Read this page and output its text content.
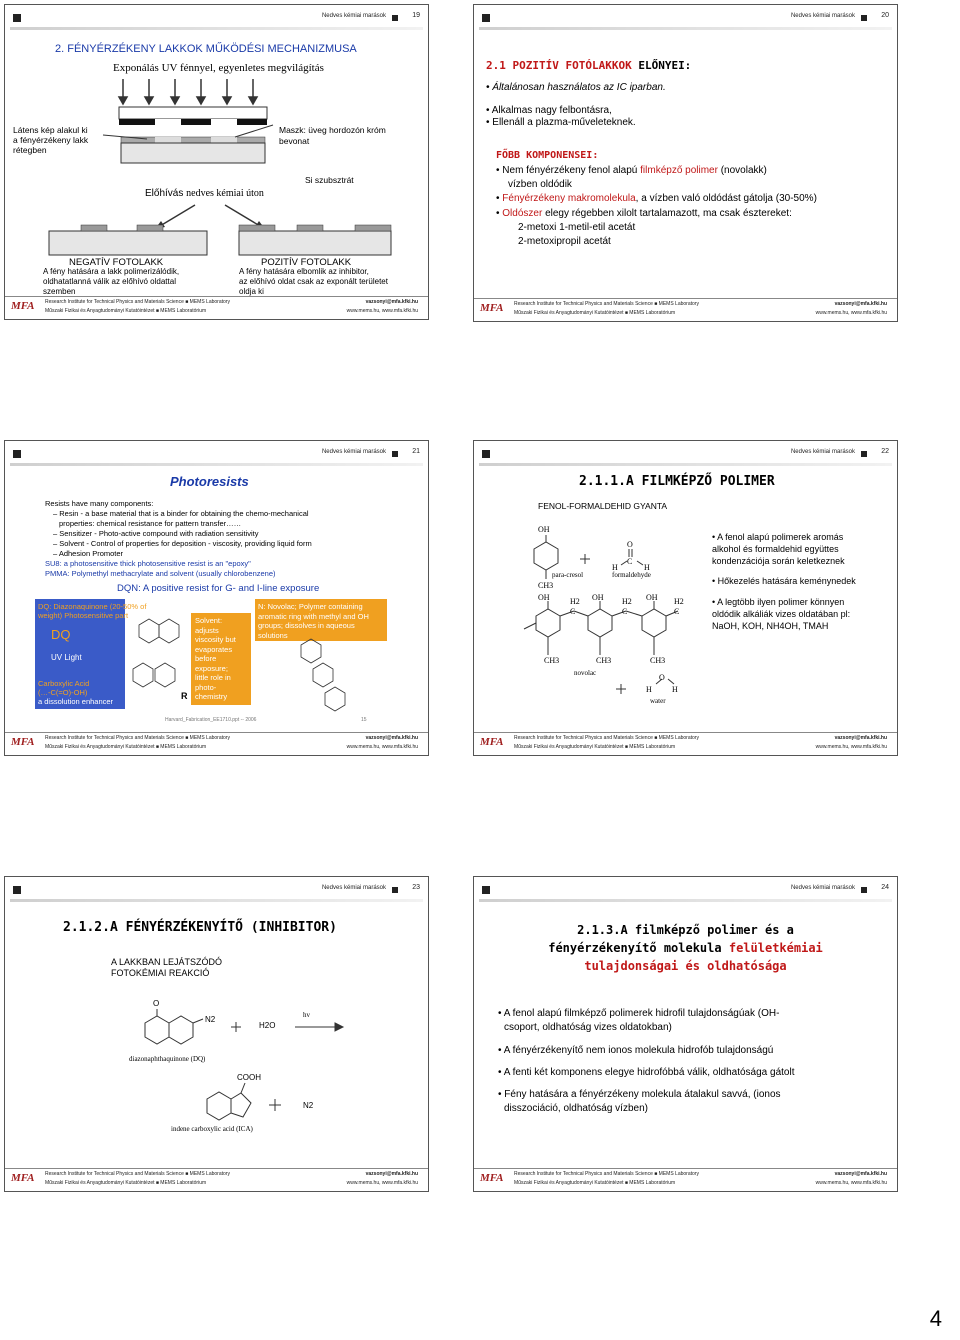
Nedves kémiai marások	19
2. FÉNYÉRZÉKENY LAKKOK MŰKÖDÉSI MECHANIZMUSA
Exponálás UV fénnyel, egyenletes megvilágítás
Látens kép alakul ki
a fényérzékeny lakk
rétegben
Maszk: üveg hordozón króm
bevonat
Si szubsztrát
Előhívás nedves kémiai úton
NEGATÍV FOTOLAKK
A fény hatására a lakk polimerizálódik,
oldhatatlanná válik az előhívó oldattal
szemben
POZITÍV FOTOLAKK
A fény hatására elbomlik az inhibitor,
az előhívó oldat csak az exponált területet
oldja ki
MFA Research Institute for Technical Physics and Materials Science ■ MEMS Laboratory
Műszaki Fizikai és Anyagtudományi Kutatóintézet ■ MEMS Laboratórium
vazsonyi@mfa.kfki.hu
www.mems.hu, www.mfa.kfki.hu
Nedves kémiai marások	20
2.1 POZITÍV FOTÓLAKKOK ELŐNYEI:
• Általánosan használatos az IC iparban.
• Alkalmas nagy felbontásra,
• Ellenáll a plazma-műveleteknek.
FŐBB KOMPONENSEI:
• Nem fényérzékeny fenol alapú filmképző polimer (novolakk)
vízben oldódik
• Fényérzékeny makromolekula, a vízben való oldódást gátolja (30-50%)
• Oldószer elegy régebben xilolt tartalamazott, ma csak észtereket:
2-metoxi 1-metil-etil acetát
2-metoxipropil acetát
MFA Research Institute for Technical Physics and Materials Science ■ MEMS Laboratory
Műszaki Fizikai és Anyagtudományi Kutatóintézet ■ MEMS Laboratórium
vazsonyi@mfa.kfki.hu
www.mems.hu, www.mfa.kfki.hu
Nedves kémiai marások	21
Photoresists
Resists have many components:
– Resin - a base material that is a binder for obtaining the chemo-mechanical
properties: chemical resistance for pattern transfer……
– Sensitizer - Photo-active compound with radiation sensitivity
– Solvent - Control of properties for deposition - viscosity, providing liquid form
– Adhesion Promoter
SU8: a photosensitive thick photosensitive resist is an "epoxy"
PMMA: Polymethyl methacrylate and solvent (usually chlorobenzene)
DQN: A positive resist for G- and I-line exposure
DQ: Diazonaquinone (20-50% of
weight) Photosensitive part
DQ
UV Light
Carboxylic Acid
(…-C(=O)-OH)
a dissolution enhancer
Solvent:
adjusts
viscosity but
evaporates
before
exposure;
little role in
photo-
chemistry
N: Novolac; Polymer containing
aromatic ring with methyl and OH
groups; dissolves in aqueous
solutions
R
Harvard_Fabrication_EE1710.ppt -- 2006	15
MFA Research Institute for Technical Physics and Materials Science ■ MEMS Laboratory
Műszaki Fizikai és Anyagtudományi Kutatóintézet ■ MEMS Laboratórium
vazsonyi@mfa.kfki.hu
www.mems.hu, www.mfa.kfki.hu
Nedves kémiai marások	22
2.1.1.A FILMKÉPZŐ POLIMER
FENOL-FORMALDEHID GYANTA
OH
CH3
para-cresol
O
C
H	H
formaldehyde
OH	OH	OH
H2
C
H2
C
H2
C
CH3	CH3	CH3
novolac	O
H	H
water
• A fenol alapú polimerek aromás
alkohol és formaldehid együttes
kondenzációja során keletkeznek
• Hőkezelés hatására keménynedek
• A legtöbb ilyen polimer könnyen
oldódik alkáliák vizes oldatában pl:
NaOH, KOH, NH4OH, TMAH
MFA Research Institute for Technical Physics and Materials Science ■ MEMS Laboratory
Műszaki Fizikai és Anyagtudományi Kutatóintézet ■ MEMS Laboratórium
vazsonyi@mfa.kfki.hu
www.mems.hu, www.mfa.kfki.hu
Nedves kémiai marások	23
2.1.2.A FÉNYÉRZÉKENYÍTŐ (INHIBITOR)
A LAKKBAN LEJÁTSZÓDÓ
FOTOKÉMIAI REAKCIÓ
O
N2
H2O
hv
diazonaphthaquinone (DQ)
COOH
N2
indene carboxylic acid (ICA)
MFA Research Institute for Technical Physics and Materials Science ■ MEMS Laboratory
Műszaki Fizikai és Anyagtudományi Kutatóintézet ■ MEMS Laboratórium
vazsonyi@mfa.kfki.hu
www.mems.hu, www.mfa.kfki.hu
Nedves kémiai marások	24
2.1.3.A filmképző polimer és a
fényérzékenyítő molekula felületkémiai
tulajdonságai és oldhatósága
• A fenol alapú filmképző polimerek hidrofil tulajdonságúak (OH-
csoport, oldhatóság vizes oldatokban)
• A fényérzékenyítő nem ionos molekula hidrofób tulajdonságú
• A fenti két komponens elegye hidrofóbbá válik, oldhatósága gátolt
• Fény hatására a fényérzékeny molekula átalakul savvá, (ionos
disszociáció, oldhatóság vízben)
MFA Research Institute for Technical Physics and Materials Science ■ MEMS Laboratory
Műszaki Fizikai és Anyagtudományi Kutatóintézet ■ MEMS Laboratórium
vazsonyi@mfa.kfki.hu
www.mems.hu, www.mfa.kfki.hu
4
